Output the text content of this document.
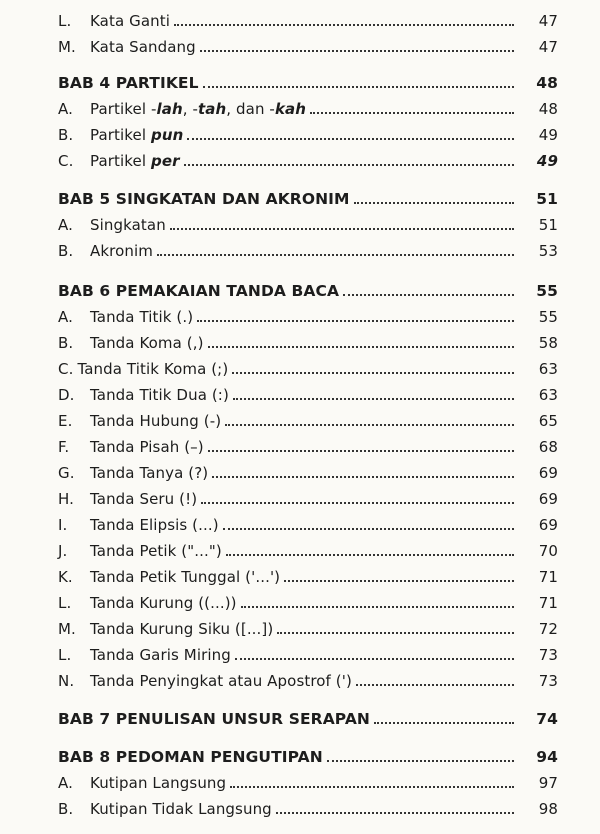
L.	Kata Ganti	47
M. Kata Sandang	47
BAB 4 PARTIKEL	48
A.	Partikel -lah, -tah, dan -kah	48
B.	Partikel pun	49
C.	Partikel per	49
BAB 5 SINGKATAN DAN AKRONIM	51
A.	Singkatan	51
B.	Akronim	53
BAB 6 PEMAKAIAN TANDA BACA	55
A.	Tanda Titik (.)	55
B.	Tanda Koma (,)	58
C. Tanda Titik Koma (;)	63
D.	Tanda Titik Dua (:)	63
E.	Tanda Hubung (-)	65
F.	Tanda Pisah (–)	68
G.	Tanda Tanya (?)	69
H.	Tanda Seru (!)	69
I.	Tanda Elipsis (...)	69
J.	Tanda Petik ("...")	70
K.	Tanda Petik Tunggal ('...')	71
L.	Tanda Kurung ((...))	71
M. Tanda Kurung Siku ([...])	72
L.	Tanda Garis Miring	73
N.	Tanda Penyingkat atau Apostrof (')	73
BAB 7 PENULISAN UNSUR SERAPAN	74
BAB 8 PEDOMAN PENGUTIPAN	94
A.	Kutipan Langsung	97
B.	Kutipan Tidak Langsung	98
